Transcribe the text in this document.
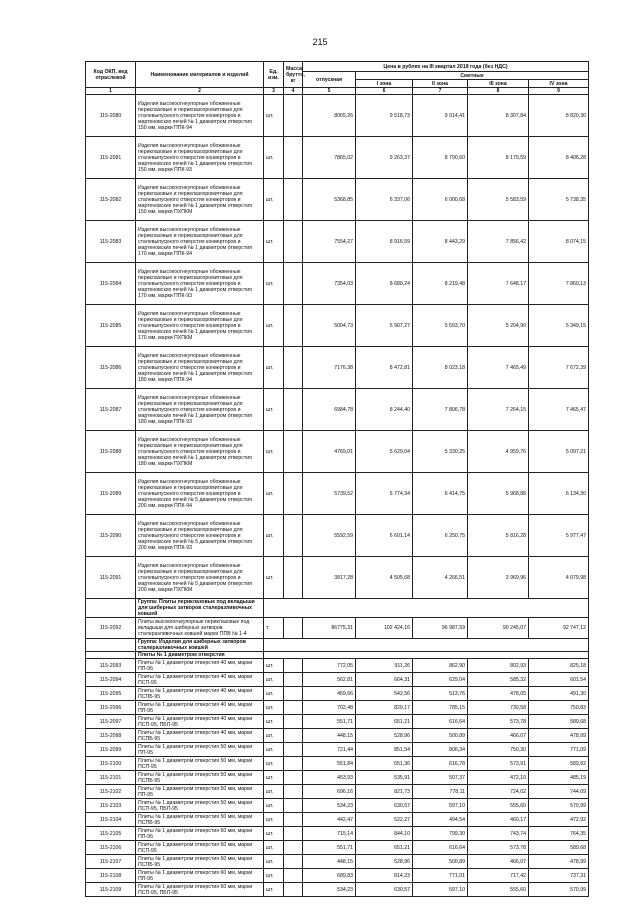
215
Код ОКП, вед отраслевой	Наименование материалов и изделий	Ед. изм.	Масса брутто, кг	Цена в рублях на III квартал 2018 года (без НДС)				
				отпускная	Сметные			
					I зона	II зона	III зона	IV зона
1	2	3	4	5	6	7	8	9
115-2080	Изделия высокоогнеупорные обожженные периклазовые и периклазохромитовые для сталевыпускного отверстия конверторов и мартеновских печей № 1 диаметром отверстия 150 мм, марки ППК-94	шт.		8065,26	9 518,73	9 014,41	8 307,84	8 820,30
115-2081	Изделия высокоогнеупорные обожженные периклазовые и периклазохромитовые для сталевыпускного отверстия конверторов и мартеновских печей № 1 диаметром отверстия 150 мм, марки ППК-93	шт.		7865,02	9 263,37	8 790,60	8 179,59	8 406,28
115-2082	Изделия высокоогнеупорные обожженные периклазовые и периклазохромитовые для сталевыпускного отверстия конверторов и мартеновских печей № 1 диаметром отверстия 150 мм, марки ПХПКМ	шт.		5368,85	6 337,06	6 000,68	5 583,59	5 738,35
115-2083	Изделия высокоогнеупорные обожженные периклазовые и периклазохромитовые для сталевыпускного отверстия конверторов и мартеновских печей № 1 диаметром отверстия 170 мм, марки ППК-94	шт.		7554,27	8 916,59	8 443,29	7 856,42	8 074,15
115-2084	Изделия высокоогнеупорные обожженные периклазовые и периклазохромитовые для сталевыпускного отверстия конверторов и мартеновских печей № 1 диаметром отверстия 170 мм, марки ППК-93	шт.		7354,03	8 680,24	8 219,48	7 648,17	7 860,13
115-2085	Изделия высокоогнеупорные обожженные периклазовые и периклазохромитовые для сталевыпускного отверстия конверторов и мартеновских печей № 1 диаметром отверстия 170 мм, марки ПХПКМ	шт.		5004,73	5 907,27	5 593,70	5 204,90	5 349,15
115-2086	Изделия высокоогнеупорные обожженные периклазовые и периклазохромитовые для сталевыпускного отверстия конверторов и мартеновских печей № 1 диаметром отверстия 180 мм, марки ППК-94	шт.		7176,38	8 472,81	8 023,18	7 465,49	7 672,39
115-2087	Изделия высокоогнеупорные обожженные периклазовые и периклазохромитовые для сталевыпускного отверстия конверторов и мартеновских печей № 1 диаметром отверстия 180 мм, марки ППК-93	шт.		6984,78	8 244,40	7 806,78	7 264,15	7 465,47
115-2088	Изделия высокоогнеупорные обожженные периклазовые и периклазохромитовые для сталевыпускного отверстия конверторов и мартеновских печей № 1 диаметром отверстия 180 мм, марки ПХПКМ	шт.		4769,01	5 629,04	5 330,25	4 959,76	5 097,21
115-2089	Изделия высокоогнеупорные обожженные периклазовые и периклазохромитовые для сталевыпускного отверстия конверторов и мартеновских печей № 5 диаметром отверстия 200 мм, марки ППК-94	шт.		5739,52	6 774,34	6 414,75	5 968,88	6 134,30
115-2090	Изделия высокоогнеупорные обожженные периклазовые и периклазохромитовые для сталевыпускного отверстия конверторов и мартеновских печей № 5 диаметром отверстия 200 мм, марки ППК-93	шт.		5592,59	6 601,14	6 250,75	5 816,28	5 977,47
115-2091	Изделия высокоогнеупорные обожженные периклазовые и периклазохромитовые для сталевыпускного отверстия конверторов и мартеновских печей № 5 диаметром отверстия 200 мм, марки ПХПКМ	шт.		3817,28	4 505,68	4 266,51	3 969,96	4 079,98
	Группа: Плиты периклазовые под вкладыши для шиберных затворов сталеразливочных ковшей							
115-2092	Плиты высокоогнеупорные периклазовые под вкладыши для шиберных затворов сталеразливочных ковшей марки ППВ № 1-4	т		86775,31	102 424,16	96 987,59	90 245,07	92 747,12
	Группа: Изделия для шиберных затворов сталеразливочных ковшей							
	Плиты № 1 диаметром отверстия							
115-2093	Плиты № 1 диаметром отверстия 40 мм, марки ПП-95	шт.		772,05	911,26	862,90	802,93	825,18
115-2094	Плиты № 1 диаметром отверстия 40 мм, марки ПСП-95	шт.		562,81	664,31	629,04	585,32	601,54
115-2095	Плиты № 1 диаметром отверстия 40 мм, марки ПСПБ-95	шт.		459,66	542,56	513,76	478,05	491,30
115-2096	Плиты № 1 диаметром отверстия 40 мм, марки ПП-95	шт.		702,48	829,17	785,15	730,58	750,83
115-2097	Плиты № 1 диаметром отверстия 40 мм, марки ПСП-95, ПБП-95	шт.		551,71	651,21	616,64	573,78	589,68
115-2098	Плиты № 1 диаметром отверстия 40 мм, марки ПСПБ-95	шт.		448,15	528,96	500,89	466,07	478,99
115-2099	Плиты № 1 диаметром отверстия 50 мм, марки ПП-95	шт.		721,44	851,54	806,34	750,30	771,09
115-2100	Плиты № 1 диаметром отверстия 50 мм, марки ПСП-95	шт.		551,84	651,36	616,78	573,91	589,82
115-2101	Плиты № 1 диаметром отверстия 50 мм, марки ПСПБ-95	шт.		453,93	535,91	507,37	472,10	485,19
115-2102	Плиты № 1 диаметром отверстия 50 мм, марки ПП-95	шт.		696,16	821,73	778,11	724,02	744,09
115-2103	Плиты № 1 диаметром отверстия 50 мм, марки ПСП-95, ПБП-95	шт.		534,23	630,57	597,10	555,60	570,99
115-2104	Плиты № 1 диаметром отверстия 50 мм, марки ПСПБ-95	шт.		442,47	522,27	494,54	460,17	472,92
115-2105	Плиты № 1 диаметром отверстия 60 мм, марки ПП-95	шт.		715,14	844,10	799,30	743,74	764,35
115-2106	Плиты № 1 диаметром отверстия 60 мм, марки ПСП-95	шт.		551,71	651,21	616,64	573,78	589,68
115-2107	Плиты № 1 диаметром отверстия 60 мм, марки ПСПБ-95	шт.		448,15	528,96	500,89	466,07	478,99
115-2108	Плиты № 1 диаметром отверстия 60 мм, марки ПП-95	шт.		689,83	814,23	771,01	717,42	737,31
115-2109	Плиты № 1 диаметром отверстия 60 мм, марки ПСП-95, ПБП-95	шт.		534,23	630,57	597,10	555,60	570,99
